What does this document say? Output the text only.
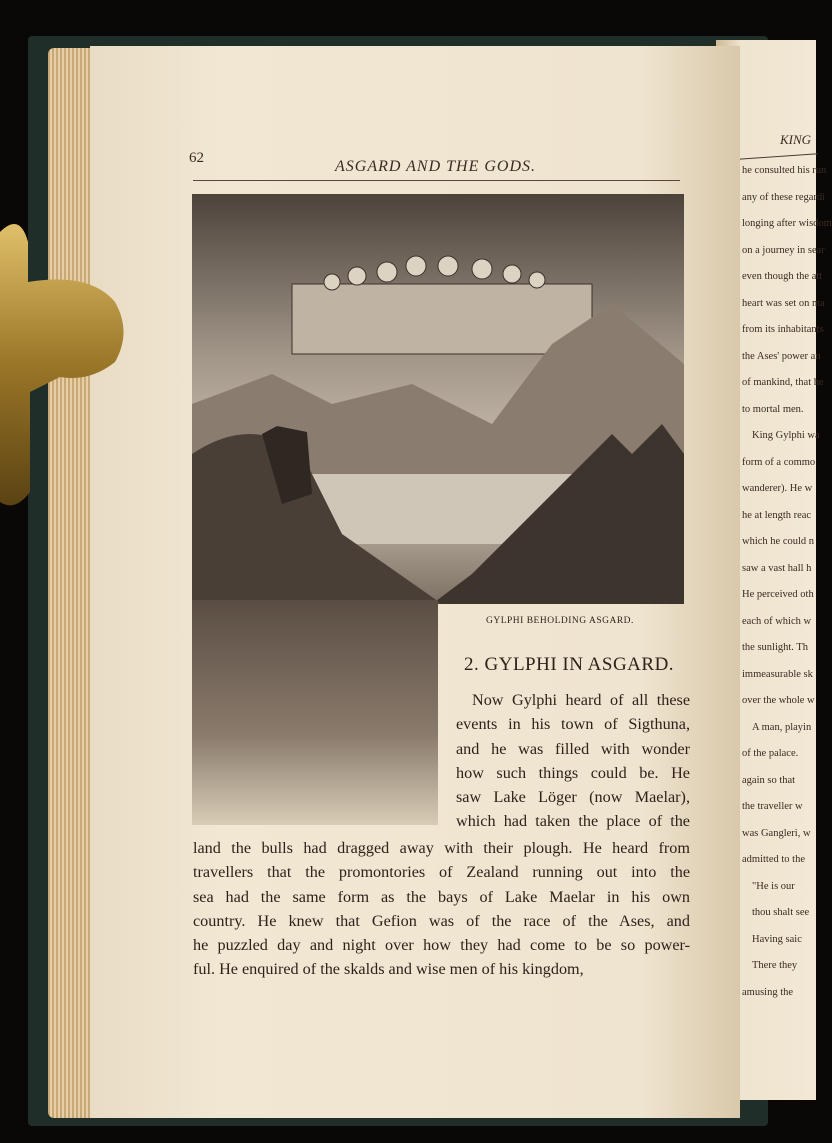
KING
he consulted his run
any of these regardi
longing after wisdom
on a journey in sear
even though the att
heart was set on ma
from its inhabitants
the Ases' power an
of mankind, that he
to mortal men.
King Gylphi wa
form of a commo
wanderer). He w
he at length reac
which he could n
saw a vast hall h
He perceived oth
each of which w
the sunlight. Th
immeasurable sk
over the whole w
A man, playin
of the palace.
again so that
the traveller w
was Gangleri, w
admitted to the
"He is our
thou shalt see
Having saic
There they
amusing the
62	ASGARD AND THE GODS.
GYLPHI BEHOLDING ASGARD.
2. GYLPHI IN ASGARD.
Now Gylphi heard of all these
events in his town of Sigthuna,
and he was filled with wonder
how such things could be. He
saw Lake Löger (now Maelar),
which had taken the place of the
land the bulls had dragged away with their plough. He heard from
travellers that the promontories of Zealand running out into the
sea had the same form as the bays of Lake Maelar in his own
country. He knew that Gefion was of the race of the Ases, and
he puzzled day and night over how they had come to be so power-
ful. He enquired of the skalds and wise men of his kingdom,
